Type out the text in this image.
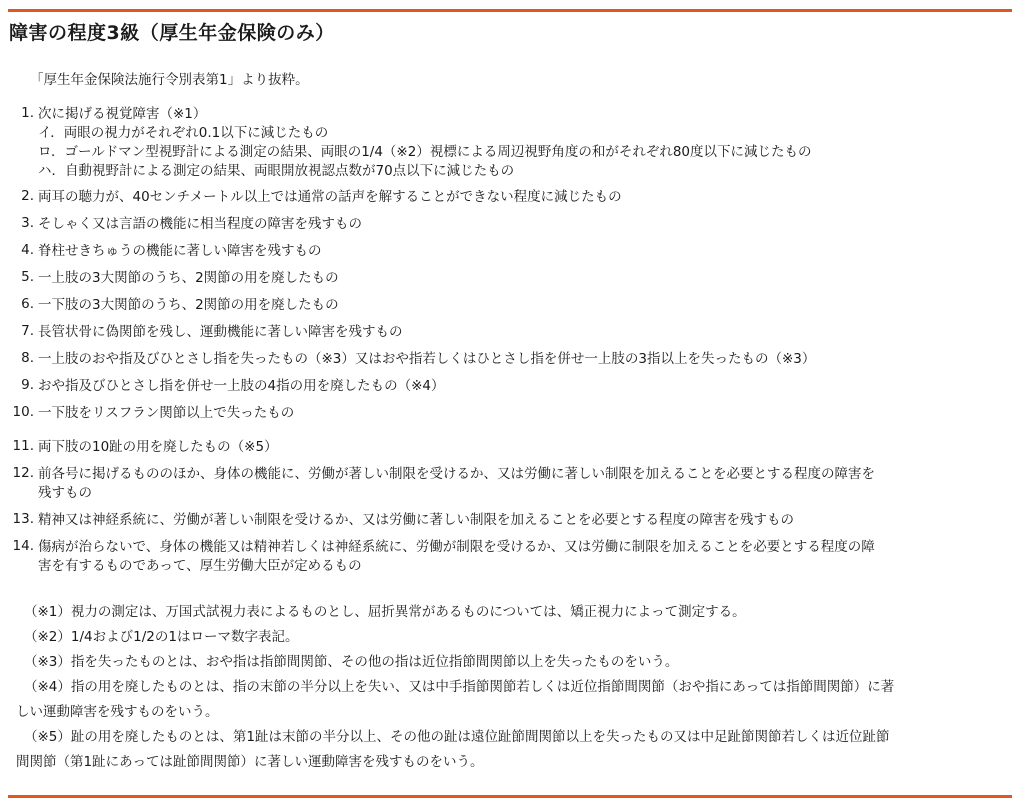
障害の程度3級（厚生年金保険のみ）
「厚生年金保険法施行令別表第1」より抜粋。
1. 次に掲げる視覚障害（※1）
イ．両眼の視力がそれぞれ0.1以下に減じたもの
ロ．ゴールドマン型視野計による測定の結果、両眼の1/4（※2）視標による周辺視野角度の和がそれぞれ80度以下に減じたもの
ハ．自動視野計による測定の結果、両眼開放視認点数が70点以下に減じたもの
2. 両耳の聴力が、40センチメートル以上では通常の話声を解することができない程度に減じたもの
3. そしゃく又は言語の機能に相当程度の障害を残すもの
4. 脊柱せきちゅうの機能に著しい障害を残すもの
5. 一上肢の3大関節のうち、2関節の用を廃したもの
6. 一下肢の3大関節のうち、2関節の用を廃したもの
7. 長管状骨に偽関節を残し、運動機能に著しい障害を残すもの
8. 一上肢のおや指及びひとさし指を失ったもの（※3）又はおや指若しくはひとさし指を併せ一上肢の3指以上を失ったもの（※3）
9. おや指及びひとさし指を併せ一上肢の4指の用を廃したもの（※4）
10. 一下肢をリスフラン関節以上で失ったもの
11. 両下肢の10趾の用を廃したもの（※5）
12. 前各号に掲げるもののほか、身体の機能に、労働が著しい制限を受けるか、又は労働に著しい制限を加えることを必要とする程度の障害を
残すもの
13. 精神又は神経系統に、労働が著しい制限を受けるか、又は労働に著しい制限を加えることを必要とする程度の障害を残すもの
14. 傷病が治らないで、身体の機能又は精神若しくは神経系統に、労働が制限を受けるか、又は労働に制限を加えることを必要とする程度の障
害を有するものであって、厚生労働大臣が定めるもの
（※1）視力の測定は、万国式試視力表によるものとし、屈折異常があるものについては、矯正視力によって測定する。
（※2）1/4および1/2の1はローマ数字表記。
（※3）指を失ったものとは、おや指は指節間関節、その他の指は近位指節間関節以上を失ったものをいう。
（※4）指の用を廃したものとは、指の末節の半分以上を失い、又は中手指節関節若しくは近位指節間関節（おや指にあっては指節間関節）に著
しい運動障害を残すものをいう。
（※5）趾の用を廃したものとは、第1趾は末節の半分以上、その他の趾は遠位趾節間関節以上を失ったもの又は中足趾節関節若しくは近位趾節
間関節（第1趾にあっては趾節間関節）に著しい運動障害を残すものをいう。
